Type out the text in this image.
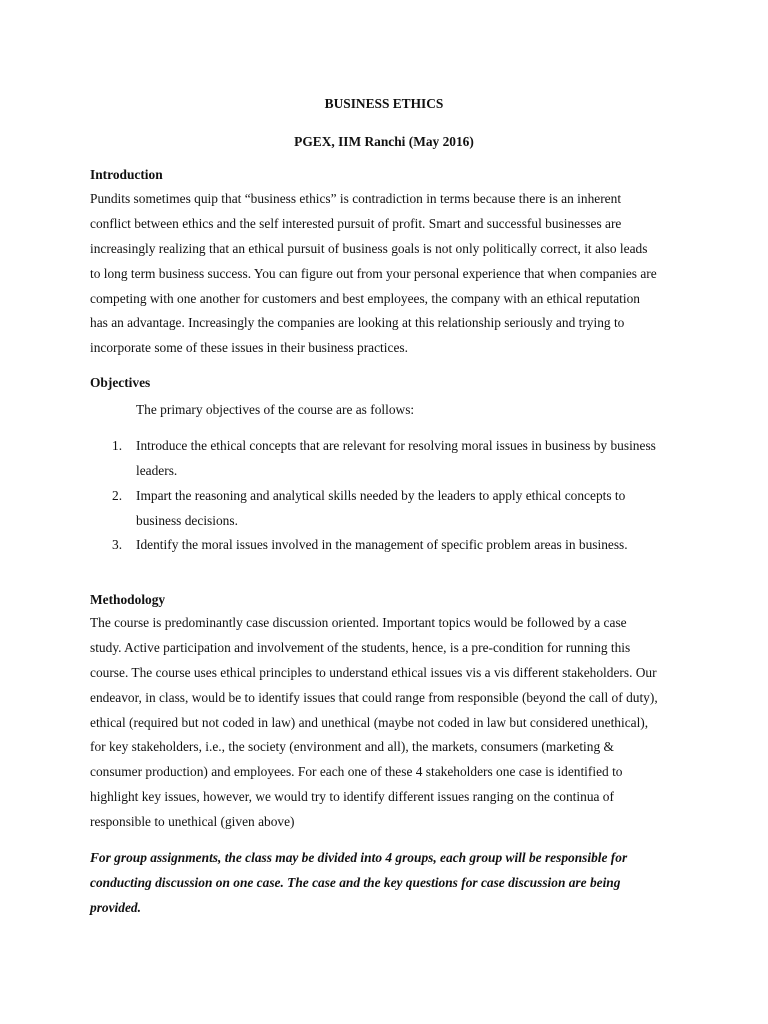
BUSINESS ETHICS

PGEX, IIM Ranchi (May 2016)

Introduction

Pundits sometimes quip that “business ethics” is contradiction in terms because there is an inherent
conflict between ethics and the self interested pursuit of profit. Smart and successful businesses are
increasingly realizing that an ethical pursuit of business goals is not only politically correct, it also leads
to long term business success. You can figure out from your personal experience that when companies are
competing with one another for customers and best employees, the company with an ethical reputation
has an advantage. Increasingly the companies are looking at this relationship seriously and trying to
incorporate some of these issues in their business practices.

Objectives

The primary objectives of the course are as follows:

1. Introduce the ethical concepts that are relevant for resolving moral issues in business by business
leaders.
2. Impart the reasoning and analytical skills needed by the leaders to apply ethical concepts to
business decisions.
3. Identify the moral issues involved in the management of specific problem areas in business.

Methodology

The course is predominantly case discussion oriented. Important topics would be followed by a case
study. Active participation and involvement of the students, hence, is a pre-condition for running this
course. The course uses ethical principles to understand ethical issues vis a vis different stakeholders. Our
endeavor, in class, would be to identify issues that could range from responsible (beyond the call of duty),
ethical (required but not coded in law) and unethical (maybe not coded in law but considered unethical),
for key stakeholders, i.e., the society (environment and all), the markets, consumers (marketing &
consumer production) and employees. For each one of these 4 stakeholders one case is identified to
highlight key issues, however, we would try to identify different issues ranging on the continua of
responsible to unethical (given above)
For group assignments, the class may be divided into 4 groups, each group will be responsible for
conducting discussion on one case. The case and the key questions for case discussion are being
provided.
